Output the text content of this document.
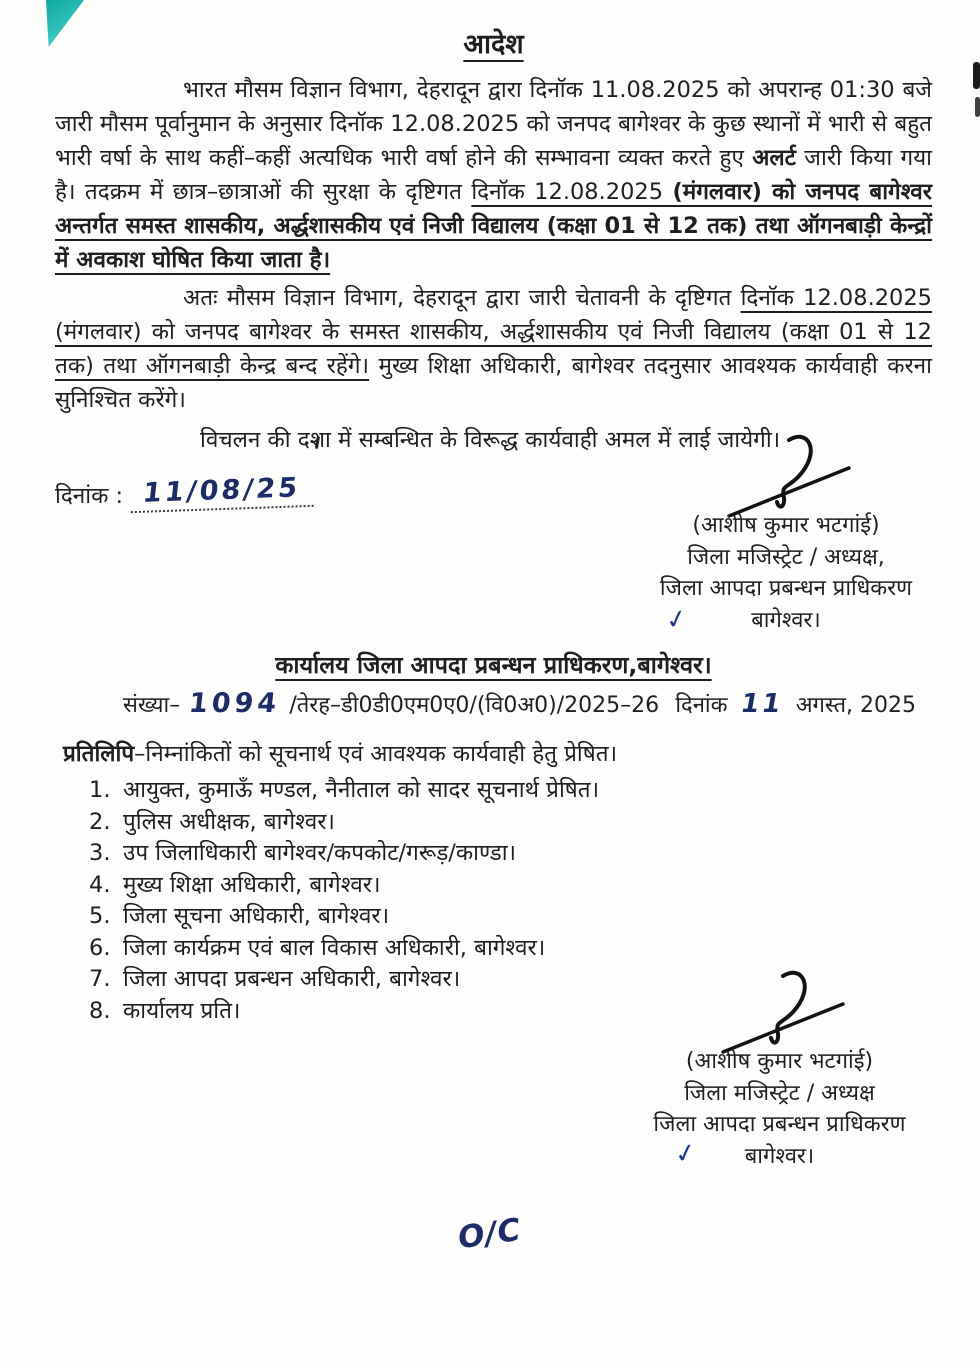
आदेश

भारत मौसम विज्ञान विभाग, देहरादून द्वारा दिनॉक 11.08.2025 को अपरान्ह 01:30 बजे जारी मौसम पूर्वानुमान के अनुसार दिनॉक 12.08.2025 को जनपद बागेश्वर के कुछ स्थानों में भारी से बहुत भारी वर्षा के साथ कहीं–कहीं अत्यधिक भारी वर्षा होने की सम्भावना व्यक्त करते हुए अलर्ट जारी किया गया है। तदक्रम में छात्र–छात्राओं की सुरक्षा के दृष्टिगत दिनॉक 12.08.2025 (मंगलवार) को जनपद बागेश्वर अन्तर्गत समस्त शासकीय, अर्द्धशासकीय एवं निजी विद्यालय (कक्षा 01 से 12 तक) तथा ऑगनबाड़ी केन्द्रों में अवकाश घोषित किया जाता है।

अतः मौसम विज्ञान विभाग, देहरादून द्वारा जारी चेतावनी के दृष्टिगत दिनॉक 12.08.2025 (मंगलवार) को जनपद बागेश्वर के समस्त शासकीय, अर्द्धशासकीय एवं निजी विद्यालय (कक्षा 01 से 12 तक) तथा ऑगनबाड़ी केन्द्र बन्द रहेंगे। मुख्य शिक्षा अधिकारी, बागेश्वर तदनुसार आवश्यक कार्यवाही करना सुनिश्चित करेंगे।

विचलन की दशा में सम्बन्धित के विरूद्ध कार्यवाही अमल में लाई जायेगी।

दिनांक : 11/08/25
कार्यालय जिला आपदा प्रबन्धन प्राधिकरण,बागेश्वर।
संख्या– 1094 /तेरह–डी0डी0एम0ए0/(वि0अ0)/2025–26 दिनांक 11 अगस्त, 2025
प्रतिलिपि–निम्नांकितों को सूचनार्थ एवं आवश्यक कार्यवाही हेतु प्रेषित।
1. आयुक्त, कुमाऊँ मण्डल, नैनीताल को सादर सूचनार्थ प्रेषित।
2. पुलिस अधीक्षक, बागेश्वर।
3. उप जिलाधिकारी बागेश्वर/कपकोट/गरूड़/काण्डा।
4. मुख्य शिक्षा अधिकारी, बागेश्वर।
5. जिला सूचना अधिकारी, बागेश्वर।
6. जिला कार्यक्रम एवं बाल विकास अधिकारी, बागेश्वर।
7. जिला आपदा प्रबन्धन अधिकारी, बागेश्वर।
8. कार्यालय प्रति।
(आशीष कुमार भटगांई)
जिला मजिस्ट्रेट / अध्यक्ष,
जिला आपदा प्रबन्धन प्राधिकरण
बागेश्वर।
✓
(आशीष कुमार भटगांई)
जिला मजिस्ट्रेट / अध्यक्ष
जिला आपदा प्रबन्धन प्राधिकरण
बागेश्वर।
✓
O/C
